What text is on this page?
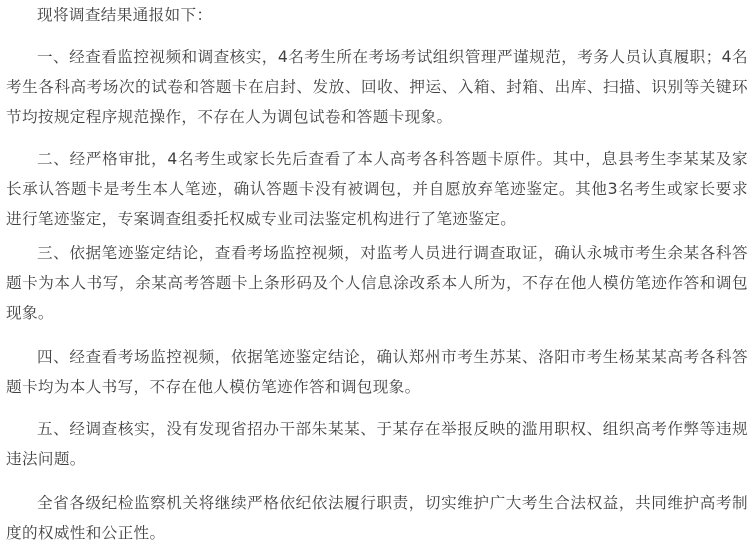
现将调查结果通报如下：

一、经查看监控视频和调查核实，4名考生所在考场考试组织管理严谨规范，考务人员认真履职；4名考生各科高考场次的试卷和答题卡在启封、发放、回收、押运、入箱、封箱、出库、扫描、识别等关键环节均按规定程序规范操作，不存在人为调包试卷和答题卡现象。

二、经严格审批，4名考生或家长先后查看了本人高考各科答题卡原件。其中，息县考生李某某及家长承认答题卡是考生本人笔迹，确认答题卡没有被调包，并自愿放弃笔迹鉴定。其他3名考生或家长要求进行笔迹鉴定，专案调查组委托权威专业司法鉴定机构进行了笔迹鉴定。

三、依据笔迹鉴定结论，查看考场监控视频，对监考人员进行调查取证，确认永城市考生余某各科答题卡为本人书写，余某高考答题卡上条形码及个人信息涂改系本人所为，不存在他人模仿笔迹作答和调包现象。

四、经查看考场监控视频，依据笔迹鉴定结论，确认郑州市考生苏某、洛阳市考生杨某某高考各科答题卡均为本人书写，不存在他人模仿笔迹作答和调包现象。

五、经调查核实，没有发现省招办干部朱某某、于某存在举报反映的滥用职权、组织高考作弊等违规违法问题。

全省各级纪检监察机关将继续严格依纪依法履行职责，切实维护广大考生合法权益，共同维护高考制度的权威性和公正性。
